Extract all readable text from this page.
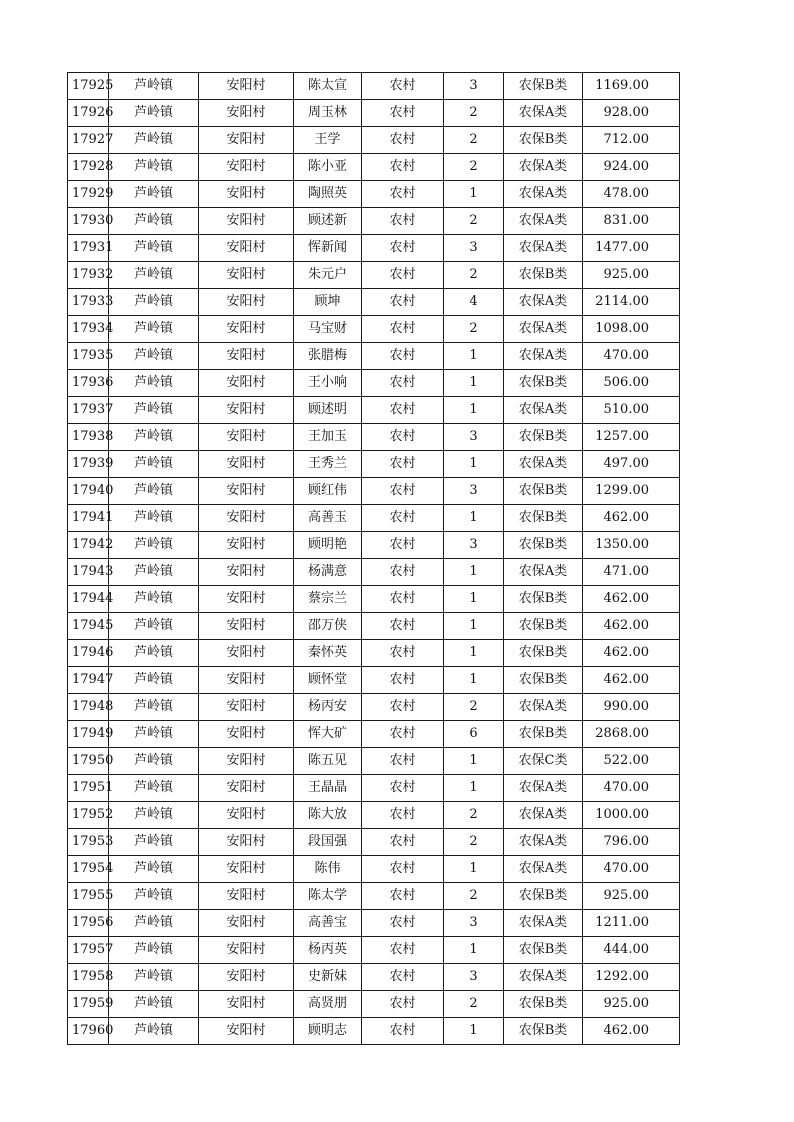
17925	芦岭镇	安阳村	陈太宣	农村	3	农保B类	1169.00
17926	芦岭镇	安阳村	周玉林	农村	2	农保A类	928.00
17927	芦岭镇	安阳村	王学	农村	2	农保B类	712.00
17928	芦岭镇	安阳村	陈小亚	农村	2	农保A类	924.00
17929	芦岭镇	安阳村	陶照英	农村	1	农保A类	478.00
17930	芦岭镇	安阳村	顾述新	农村	2	农保A类	831.00
17931	芦岭镇	安阳村	恽新闻	农村	3	农保A类	1477.00
17932	芦岭镇	安阳村	朱元户	农村	2	农保B类	925.00
17933	芦岭镇	安阳村	顾坤	农村	4	农保A类	2114.00
17934	芦岭镇	安阳村	马宝财	农村	2	农保A类	1098.00
17935	芦岭镇	安阳村	张腊梅	农村	1	农保A类	470.00
17936	芦岭镇	安阳村	王小响	农村	1	农保B类	506.00
17937	芦岭镇	安阳村	顾述明	农村	1	农保A类	510.00
17938	芦岭镇	安阳村	王加玉	农村	3	农保B类	1257.00
17939	芦岭镇	安阳村	王秀兰	农村	1	农保A类	497.00
17940	芦岭镇	安阳村	顾红伟	农村	3	农保B类	1299.00
17941	芦岭镇	安阳村	高善玉	农村	1	农保B类	462.00
17942	芦岭镇	安阳村	顾明艳	农村	3	农保B类	1350.00
17943	芦岭镇	安阳村	杨满意	农村	1	农保A类	471.00
17944	芦岭镇	安阳村	蔡宗兰	农村	1	农保B类	462.00
17945	芦岭镇	安阳村	邵万侠	农村	1	农保B类	462.00
17946	芦岭镇	安阳村	秦怀英	农村	1	农保B类	462.00
17947	芦岭镇	安阳村	顾怀堂	农村	1	农保B类	462.00
17948	芦岭镇	安阳村	杨丙安	农村	2	农保A类	990.00
17949	芦岭镇	安阳村	恽大矿	农村	6	农保B类	2868.00
17950	芦岭镇	安阳村	陈五见	农村	1	农保C类	522.00
17951	芦岭镇	安阳村	王晶晶	农村	1	农保A类	470.00
17952	芦岭镇	安阳村	陈大放	农村	2	农保A类	1000.00
17953	芦岭镇	安阳村	段国强	农村	2	农保A类	796.00
17954	芦岭镇	安阳村	陈伟	农村	1	农保A类	470.00
17955	芦岭镇	安阳村	陈太学	农村	2	农保B类	925.00
17956	芦岭镇	安阳村	高善宝	农村	3	农保A类	1211.00
17957	芦岭镇	安阳村	杨丙英	农村	1	农保B类	444.00
17958	芦岭镇	安阳村	史新妹	农村	3	农保A类	1292.00
17959	芦岭镇	安阳村	高贤朋	农村	2	农保B类	925.00
17960	芦岭镇	安阳村	顾明志	农村	1	农保B类	462.00
